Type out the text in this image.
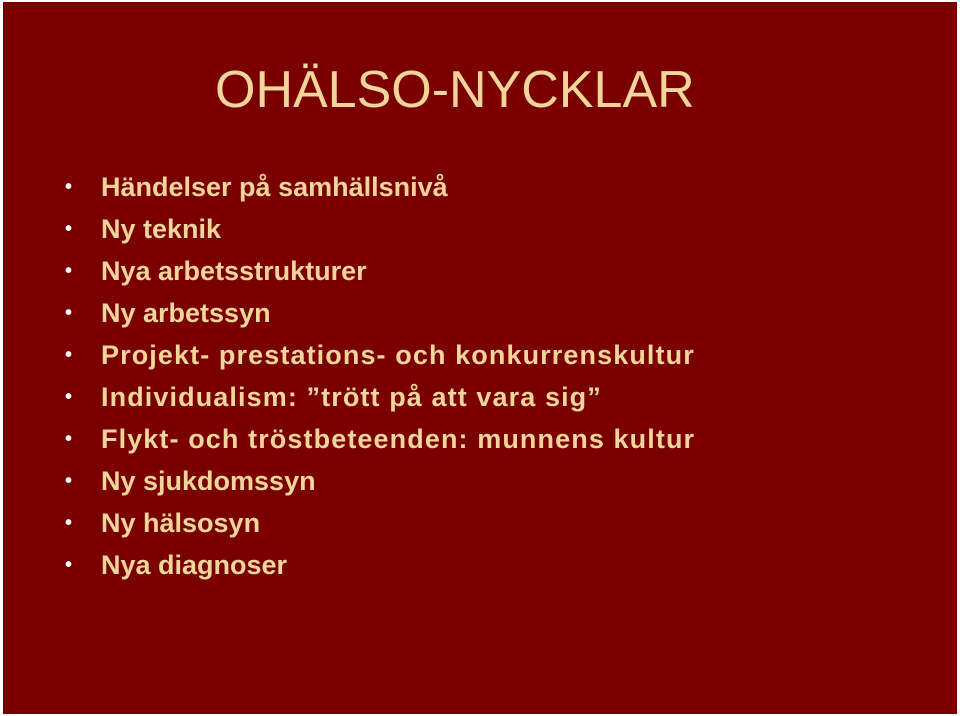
OHÄLSO-NYCKLAR
•	Händelser på samhällsnivå
•	Ny teknik
•	Nya arbetsstrukturer
•	Ny arbetssyn
•	Projekt- prestations- och konkurrenskultur
•	Individualism: ”trött på att vara sig”
•	Flykt- och tröstbeteenden: munnens kultur
•	Ny sjukdomssyn
•	Ny hälsosyn
•	Nya diagnoser
